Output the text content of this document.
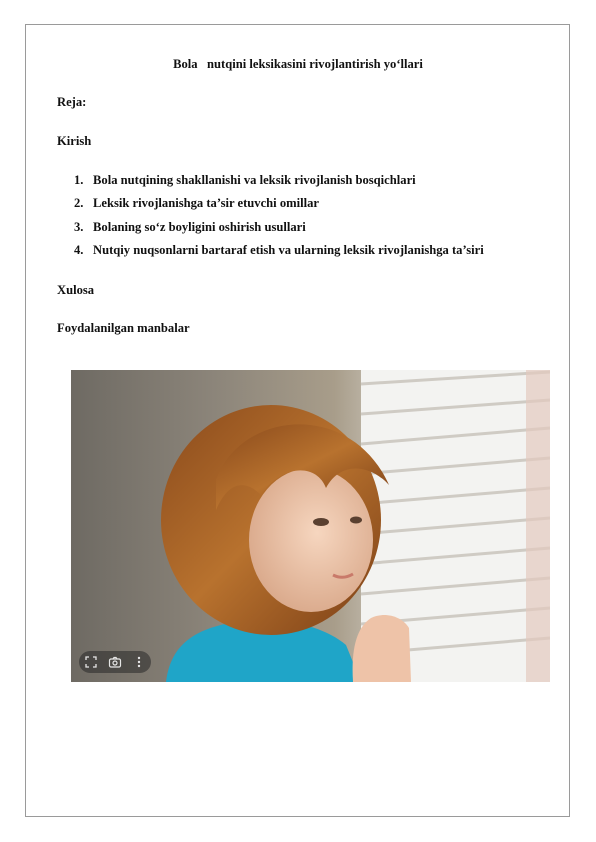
Bola   nutqini leksikasini rivojlantirish yo‘llari
Reja:
Kirish
1. Bola nutqining shakllanishi va leksik rivojlanish bosqichlari
2. Leksik rivojlanishga ta’sir etuvchi omillar
3. Bolaning so‘z boyligini oshirish usullari
4. Nutqiy nuqsonlarni bartaraf etish va ularning leksik rivojlanishga ta’siri
Xulosa
Foydalanilgan manbalar
